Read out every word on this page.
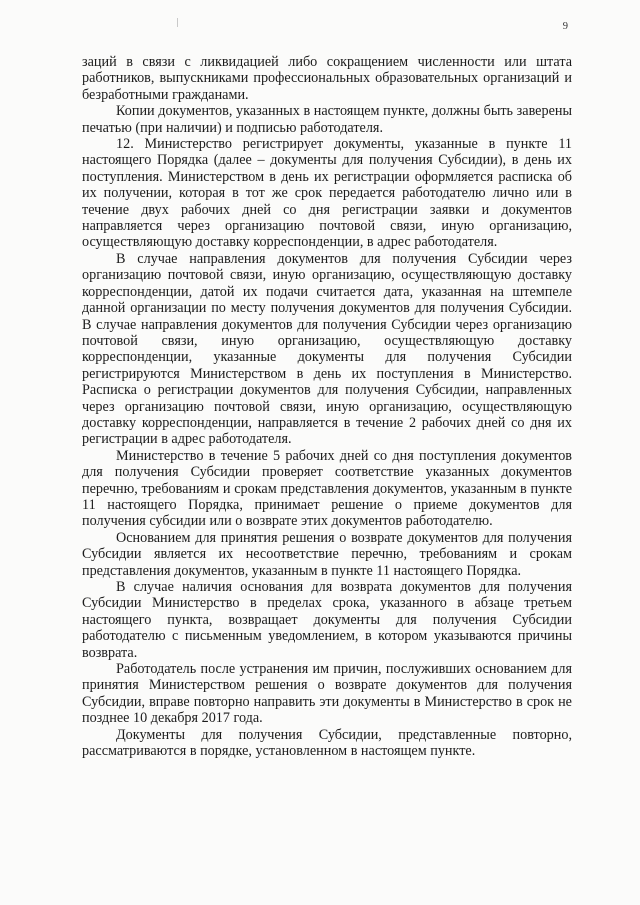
9

заций в связи с ликвидацией либо сокращением численности или штата работников, выпускниками профессиональных образовательных организаций и безработными гражданами.

Копии документов, указанных в настоящем пункте, должны быть заверены печатью (при наличии) и подписью работодателя.

12. Министерство регистрирует документы, указанные в пункте 11 настоящего Порядка (далее – документы для получения Субсидии), в день их поступления. Министерством в день их регистрации оформляется расписка об их получении, которая в тот же срок передается работодателю лично или в течение двух рабочих дней со дня регистрации заявки и документов направляется через организацию почтовой связи, иную организацию, осуществляющую доставку корреспонденции, в адрес работодателя.

В случае направления документов для получения Субсидии через организацию почтовой связи, иную организацию, осуществляющую доставку корреспонденции, датой их подачи считается дата, указанная на штемпеле данной организации по месту получения документов для получения Субсидии. В случае направления документов для получения Субсидии через организацию почтовой связи, иную организацию, осуществляющую доставку корреспонденции, указанные документы для получения Субсидии регистрируются Министерством в день их поступления в Министерство. Расписка о регистрации документов для получения Субсидии, направленных через организацию почтовой связи, иную организацию, осуществляющую доставку корреспонденции, направляется в течение 2 рабочих дней со дня их регистрации в адрес работодателя.

Министерство в течение 5 рабочих дней со дня поступления документов для получения Субсидии проверяет соответствие указанных документов перечню, требованиям и срокам представления документов, указанным в пункте 11 настоящего Порядка, принимает решение о приеме документов для получения субсидии или о возврате этих документов работодателю.

Основанием для принятия решения о возврате документов для получения Субсидии является их несоответствие перечню, требованиям и срокам представления документов, указанным в пункте 11 настоящего Порядка.

В случае наличия основания для возврата документов для получения Субсидии Министерство в пределах срока, указанного в абзаце третьем настоящего пункта, возвращает документы для получения Субсидии работодателю с письменным уведомлением, в котором указываются причины возврата.

Работодатель после устранения им причин, послуживших основанием для принятия Министерством решения о возврате документов для получения Субсидии, вправе повторно направить эти документы в Министерство в срок не позднее 10 декабря 2017 года.

Документы для получения Субсидии, представленные повторно, рассматриваются в порядке, установленном в настоящем пункте.
